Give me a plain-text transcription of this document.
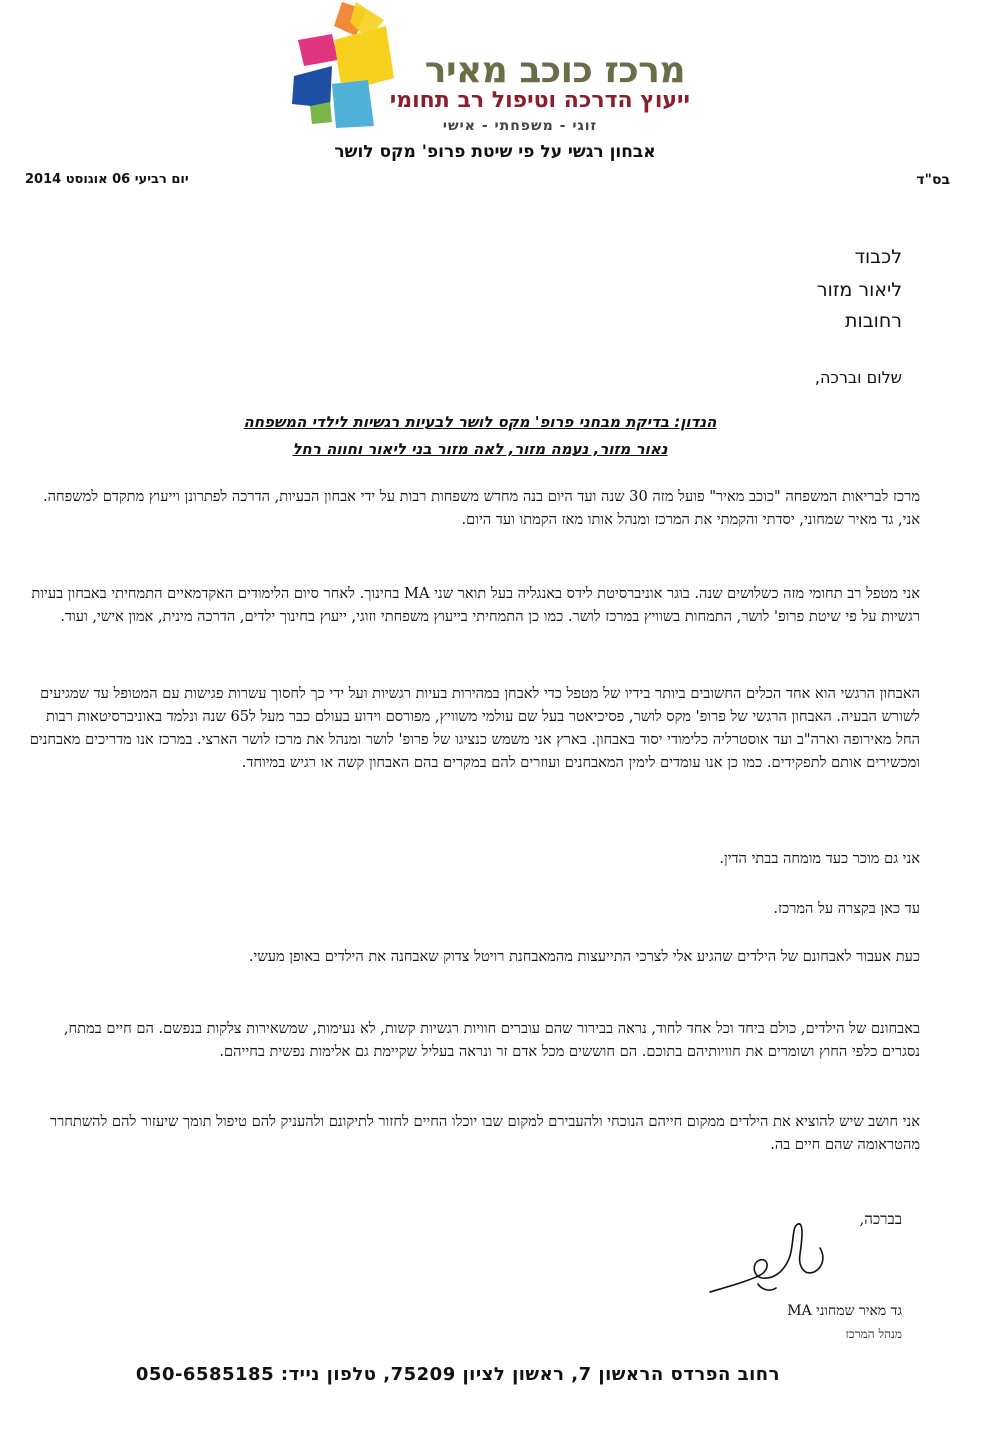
מרכז כוכב מאיר
ייעוץ הדרכה וטיפול רב תחומי
זוגי - משפחתי - אישי
אבחון רגשי על פי שיטת פרופ' מקס לושר
בס"ד
יום רביעי 06 אוגוסט 2014
לכבוד
ליאור מזור
רחובות
שלום וברכה,
הנדון: בדיקת מבחני פרופ' מקס לושר לבעיות רגשיות לילדי המשפחה
נאור מזור, נעמה מזור, לאה מזור בני ליאור וחווה רחל
מרכז לבריאות המשפחה "כוכב מאיר" פועל מזה 30 שנה ועד היום בנה מחדש משפחות רבות על ידי אבחון הבעיות, הדרכה לפתרונן וייעוץ מתקדם למשפחה. אני, גד מאיר שמחוני, יסדתי והקמתי את המרכז ומנהל אותו מאז הקמתו ועד היום.
אני מטפל רב תחומי מזה כשלושים שנה. בוגר אוניברסיטת לידס באנגליה בעל תואר שני MA בחינוך. לאחר סיום הלימודים האקדמאיים התמחיתי באבחון בעיות רגשיות על פי שיטת פרופ' לושר, התמחות בשוויץ במרכז לושר. כמו כן התמחיתי בייעוץ משפחתי וזוגי, ייעוץ בחינוך ילדים, הדרכה מינית, אמון אישי, ועוד.
האבחון הרגשי הוא אחד הכלים החשובים ביותר בידיו של מטפל כדי לאבחן במהירות בעיות רגשיות ועל ידי כך לחסוך עשרות פגישות עם המטופל עד שמגיעים לשורש הבעיה. האבחון הרגשי של פרופ' מקס לושר, פסיכיאטר בעל שם עולמי משוויץ, מפורסם וידוע בעולם כבר מעל ל65 שנה ונלמד באוניברסיטאות רבות החל מאירופה וארה"ב ועד אוסטרליה כלימודי יסוד באבחון. בארץ אני משמש כנציגו של פרופ' לושר ומנהל את מרכז לושר הארצי. במרכז אנו מדריכים מאבחנים ומכשירים אותם לתפקידים. כמו כן אנו עומדים לימין המאבחנים ועוזרים להם במקרים בהם האבחון קשה או רגיש במיוחד.
אני גם מוכר כעד מומחה בבתי הדין.
עד כאן בקצרה על המרכז.
כעת אעבור לאבחונם של הילדים שהגיע אלי לצרכי התייעצות מהמאבחנת רויטל צדוק שאבחנה את הילדים באופן מעשי.
באבחונם של הילדים, כולם ביחד וכל אחד לחוד, נראה בבירור שהם עוברים חוויות רגשיות קשות, לא נעימות, שמשאירות צלקות בנפשם. הם חיים במתח, נסגרים כלפי החוץ ושומרים את חוויותיהם בתוכם. הם חוששים מכל אדם זר ונראה בעליל שקיימת גם אלימות נפשית בחייהם.
אני חושב שיש להוציא את הילדים ממקום חייהם הנוכחי ולהעבירם למקום שבו יוכלו החיים לחזור לתיקונם ולהעניק להם טיפול תומך שיעזור להם להשתחרר מהטראומה שהם חיים בה.
בברכה,
גד מאיר שמחוני MA
מנהל המרכז
רחוב הפרדס הראשון 7, ראשון לציון 75209, טלפון נייד: 050-6585185
